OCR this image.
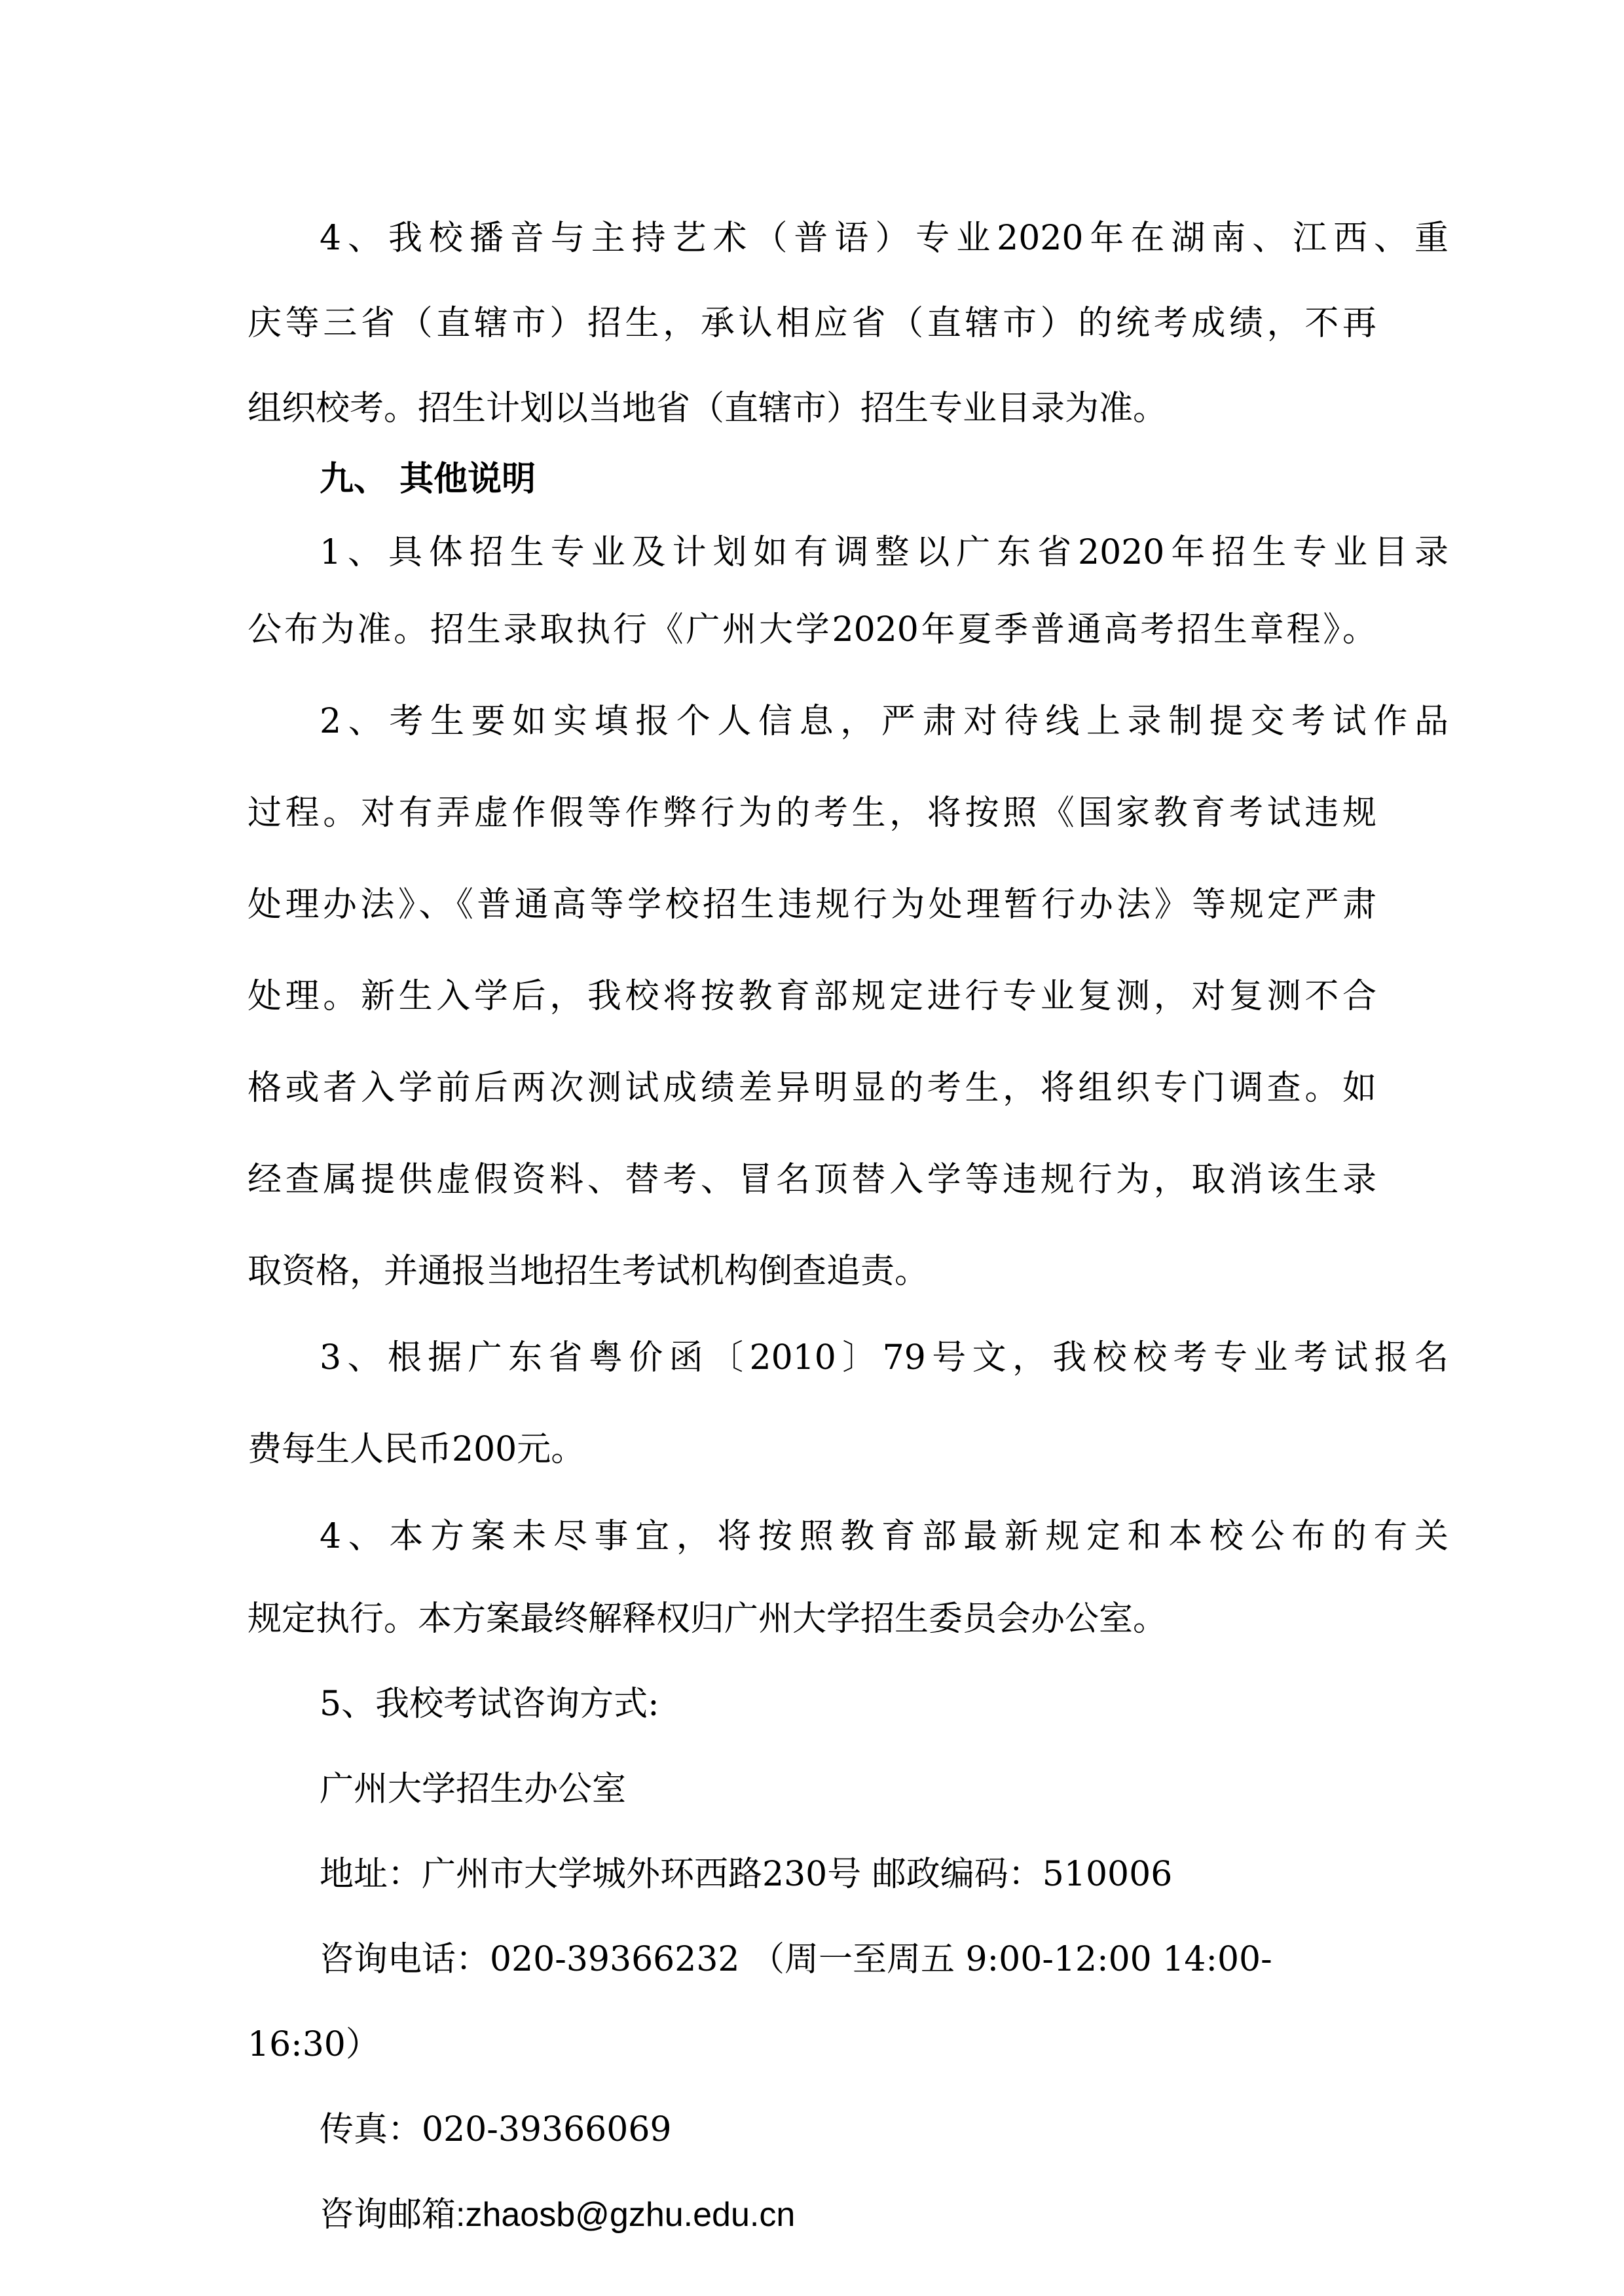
4、我校播音与主持艺术（普语）专业2020年在湖南、江西、重
庆等三省（直辖市）招生，承认相应省（直辖市）的统考成绩，不再
组织校考。招生计划以当地省（直辖市）招生专业目录为准。
九、 其他说明
1、具体招生专业及计划如有调整以广东省2020年招生专业目录
公布为准。招生录取执行《广州大学2020年夏季普通高考招生章程》。
2、考生要如实填报个人信息，严肃对待线上录制提交考试作品
过程。对有弄虚作假等作弊行为的考生，将按照《国家教育考试违规
处理办法》、《普通高等学校招生违规行为处理暂行办法》等规定严肃
处理。新生入学后，我校将按教育部规定进行专业复测，对复测不合
格或者入学前后两次测试成绩差异明显的考生，将组织专门调查。如
经查属提供虚假资料、替考、冒名顶替入学等违规行为，取消该生录
取资格，并通报当地招生考试机构倒查追责。
3、根据广东省粤价函〔2010〕79号文，我校校考专业考试报名
费每生人民币200元。
4、本方案未尽事宜，将按照教育部最新规定和本校公布的有关
规定执行。本方案最终解释权归广州大学招生委员会办公室。
5、我校考试咨询方式:
广州大学招生办公室
地址：广州市大学城外环西路230号 邮政编码：510006
咨询电话：020-39366232 （周一至周五 9:00-12:00 14:00-
16:30）
传真：020-39366069
咨询邮箱:zhaosb@gzhu.edu.cn
